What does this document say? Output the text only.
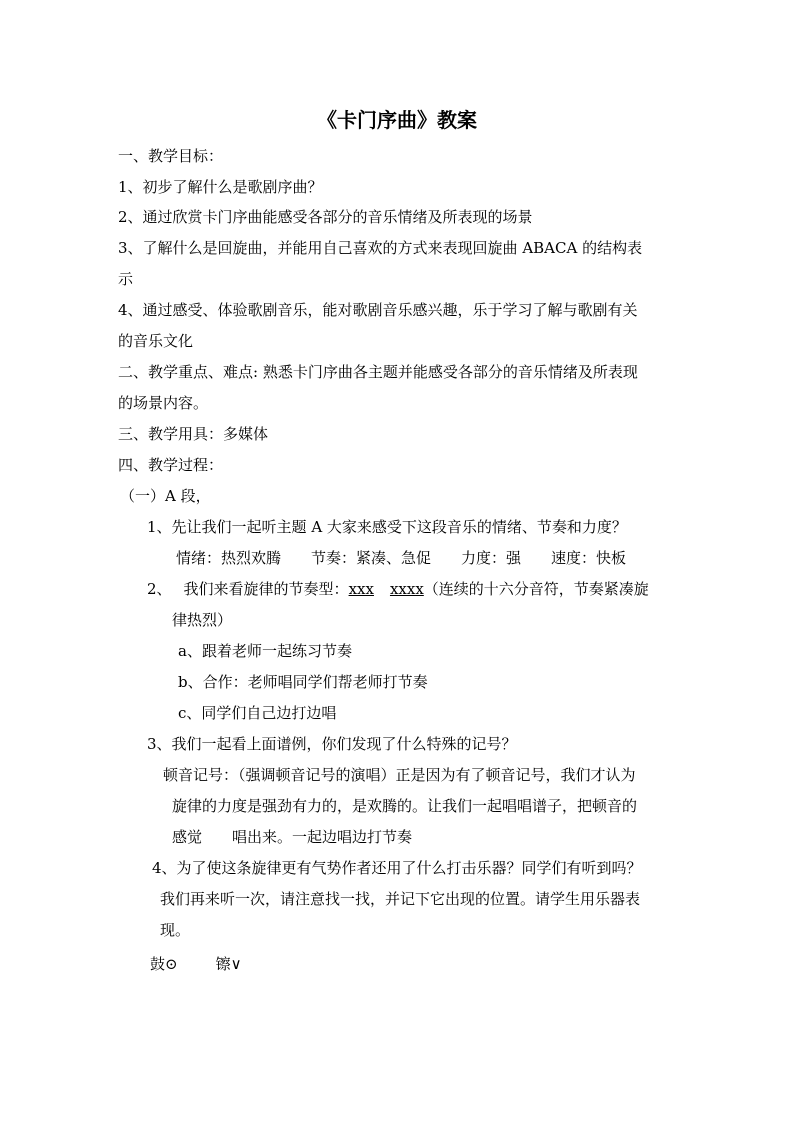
《卡门序曲》教案
一、教学目标：
1、初步了解什么是歌剧序曲？
2、通过欣赏卡门序曲能感受各部分的音乐情绪及所表现的场景
3、了解什么是回旋曲，并能用自己喜欢的方式来表现回旋曲 ABACA 的结构表
示
4、通过感受、体验歌剧音乐，能对歌剧音乐感兴趣，乐于学习了解与歌剧有关
的音乐文化
二、教学重点、难点: 熟悉卡门序曲各主题并能感受各部分的音乐情绪及所表现
的场景内容。
三、教学用具：多媒体
四、教学过程：
（一）A 段，
1、先让我们一起听主题 A 大家来感受下这段音乐的情绪、节奏和力度？
情绪：热烈欢腾 节奏：紧凑、急促 力度：强 速度：快板
2、 我们来看旋律的节奏型：xxx xxxx（连续的十六分音符，节奏紧凑旋
律热烈）
a、跟着老师一起练习节奏
b、合作：老师唱同学们帮老师打节奏
c、同学们自己边打边唱
3、我们一起看上面谱例，你们发现了什么特殊的记号？
顿音记号：（强调顿音记号的演唱）正是因为有了顿音记号，我们才认为
旋律的力度是强劲有力的，是欢腾的。让我们一起唱唱谱子，把顿音的
感觉 唱出来。一起边唱边打节奏
4、为了使这条旋律更有气势作者还用了什么打击乐器？同学们有听到吗？
我们再来听一次，请注意找一找，并记下它出现的位置。请学生用乐器表
现。
鼓⊙	镲∨
